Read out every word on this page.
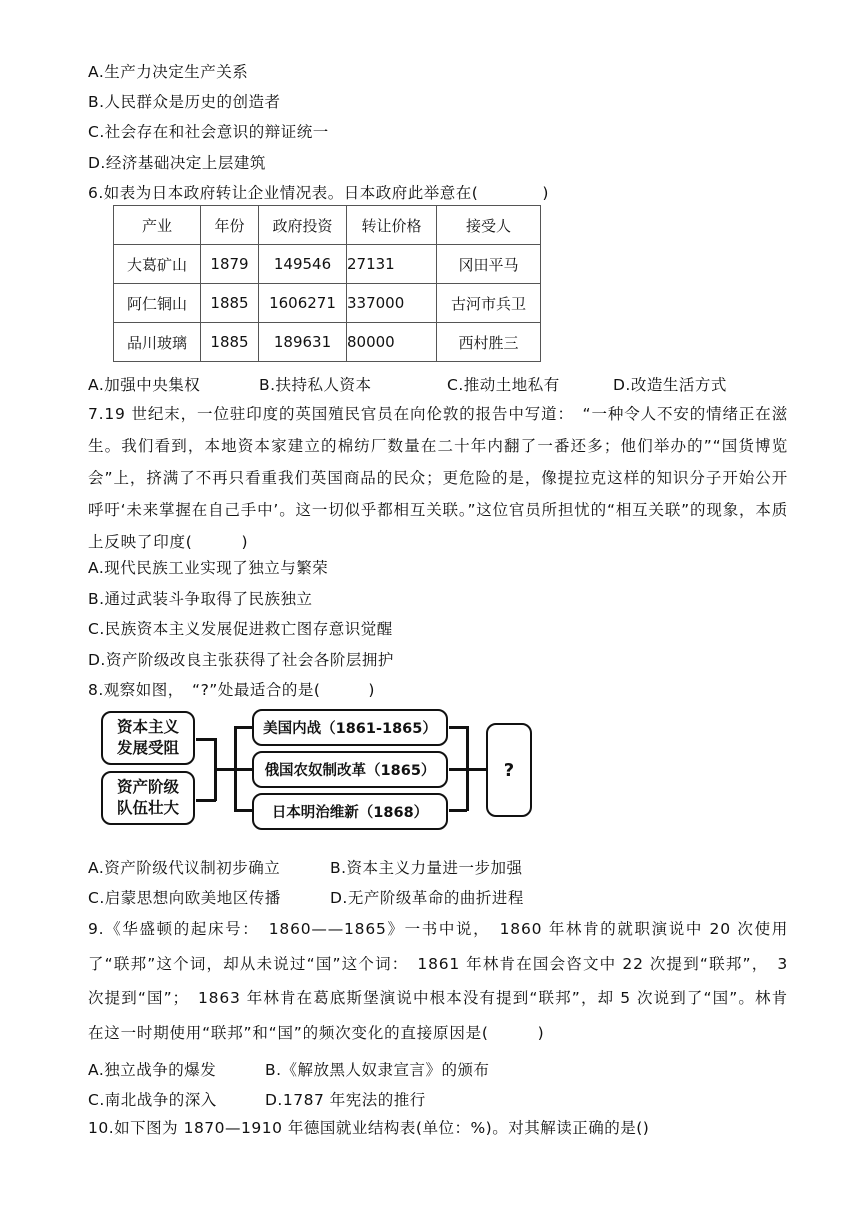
A.生产力决定生产关系
B.人民群众是历史的创造者
C.社会存在和社会意识的辩证统一
D.经济基础决定上层建筑
6.如表为日本政府转让企业情况表。日本政府此举意在(　　　　)
产业	年份	政府投资	转让价格	接受人
大葛矿山	1879	149546	27131	冈田平马
阿仁铜山	1885	1606271	337000	古河市兵卫
品川玻璃	1885	189631	80000	西村胜三
A.加强中央集权	B.扶持私人资本	C.推动土地私有	D.改造生活方式
7.19 世纪末，一位驻印度的英国殖民官员在向伦敦的报告中写道：　“一种令人不安的情绪正在滋生。我们看到，本地资本家建立的棉纺厂数量在二十年内翻了一番还多；他们举办的”“国货博览会”上，挤满了不再只看重我们英国商品的民众；更危险的是，像提拉克这样的知识分子开始公开呼吁‘未来掌握在自己手中’。这一切似乎都相互关联。”这位官员所担忧的“相互关联”的现象，本质上反映了印度(　　　)
A.现代民族工业实现了独立与繁荣
B.通过武装斗争取得了民族独立
C.民族资本主义发展促进救亡图存意识觉醒
D.资产阶级改良主张获得了社会各阶层拥护
8.观察如图，　“?”处最适合的是(　　　)
资本主义
发展受阻
资产阶级
队伍壮大
美国内战（1861-1865）
俄国农奴制改革（1865）
日本明治维新（1868）
?
A.资产阶级代议制初步确立	B.资本主义力量进一步加强
C.启蒙思想向欧美地区传播	D.无产阶级革命的曲折进程
9.《华盛顿的起床号：　1860——1865》一书中说，　1860 年林肯的就职演说中 20 次使用了“联邦”这个词，却从未说过“国”这个词：　1861 年林肯在国会咨文中 22 次提到“联邦”，　3 次提到“国”；　1863 年林肯在葛底斯堡演说中根本没有提到“联邦”，却 5 次说到了“国”。林肯在这一时期使用“联邦”和“国”的频次变化的直接原因是(　　　)
A.独立战争的爆发	B.《解放黑人奴隶宣言》的颁布
C.南北战争的深入	D.1787 年宪法的推行
10.如下图为 1870—1910 年德国就业结构表(单位：%)。对其解读正确的是()
